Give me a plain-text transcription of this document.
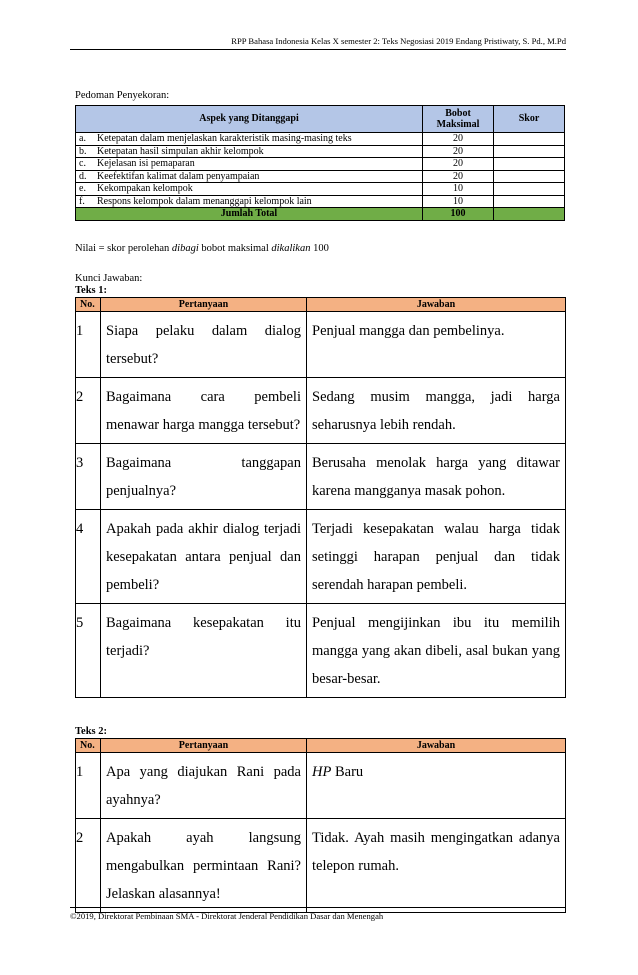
RPP Bahasa Indonesia Kelas X semester 2: Teks Negosiasi 2019 Endang Pristiwaty, S. Pd., M.Pd
Pedoman Penyekoran:
Aspek yang Ditanggapi		Bobot Maksimal	Skor
a.	Ketepatan dalam menjelaskan karakteristik masing-masing teks	20	
b.	Ketepatan hasil simpulan akhir kelompok	20	
c.	Kejelasan isi pemaparan	20	
d.	Keefektifan kalimat dalam penyampaian	20	
e.	Kekompakan kelompok	10	
f.	Respons kelompok dalam menanggapi kelompok lain	10	
Jumlah Total		100	
Nilai = skor perolehan dibagi bobot maksimal dikalikan 100
Kunci Jawaban:
Teks 1:
No.	Pertanyaan	Jawaban
1	Siapa pelaku dalam dialog tersebut?	Penjual mangga dan pembelinya.
2	Bagaimana cara pembeli menawar harga mangga tersebut?	Sedang musim mangga, jadi harga seharusnya lebih rendah.
3	Bagaimana tanggapan penjualnya?	Berusaha menolak harga yang ditawar karena mangganya masak pohon.
4	Apakah pada akhir dialog terjadi kesepakatan antara penjual dan pembeli?	Terjadi kesepakatan walau harga tidak setinggi harapan penjual dan tidak serendah harapan pembeli.
5	Bagaimana kesepakatan itu terjadi?	Penjual mengijinkan ibu itu memilih mangga yang akan dibeli, asal bukan yang besar-besar.
Teks 2:
No.	Pertanyaan	Jawaban
1	Apa yang diajukan Rani pada ayahnya?	HP Baru
2	Apakah ayah langsung mengabulkan permintaan Rani? Jelaskan alasannya!	Tidak. Ayah masih mengingatkan adanya telepon rumah.
©2019, Direktorat Pembinaan SMA - Direktorat Jenderal Pendidikan Dasar dan Menengah
